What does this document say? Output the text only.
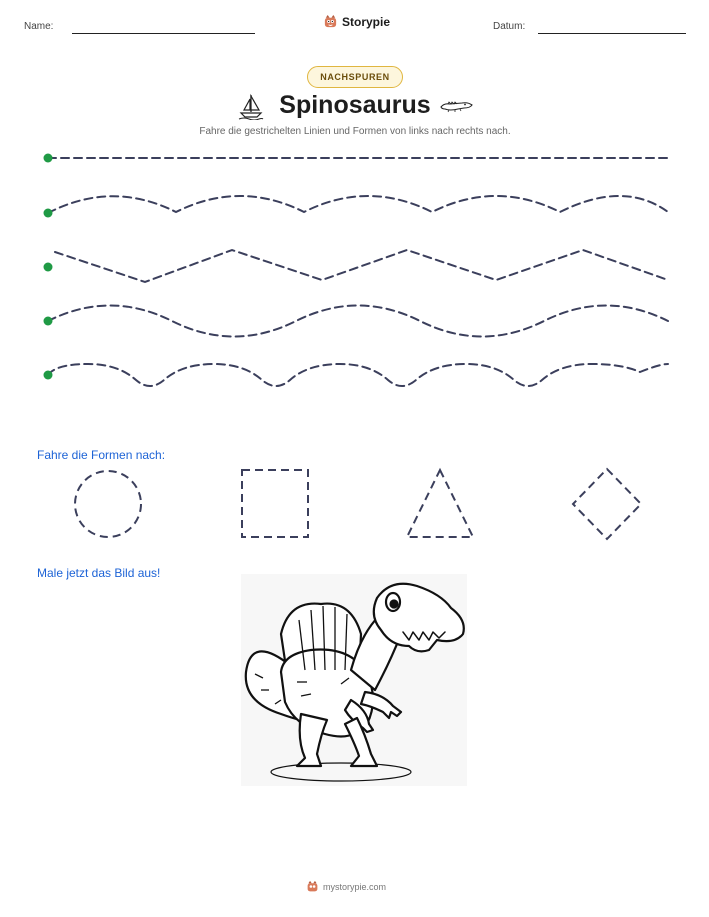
Name:	Storypie	Datum:
NACHSPUREN
Spinosaurus
Fahre die gestrichelten Linien und Formen von links nach rechts nach.
Fahre die Formen nach:
Male jetzt das Bild aus!
mystorypie.com
